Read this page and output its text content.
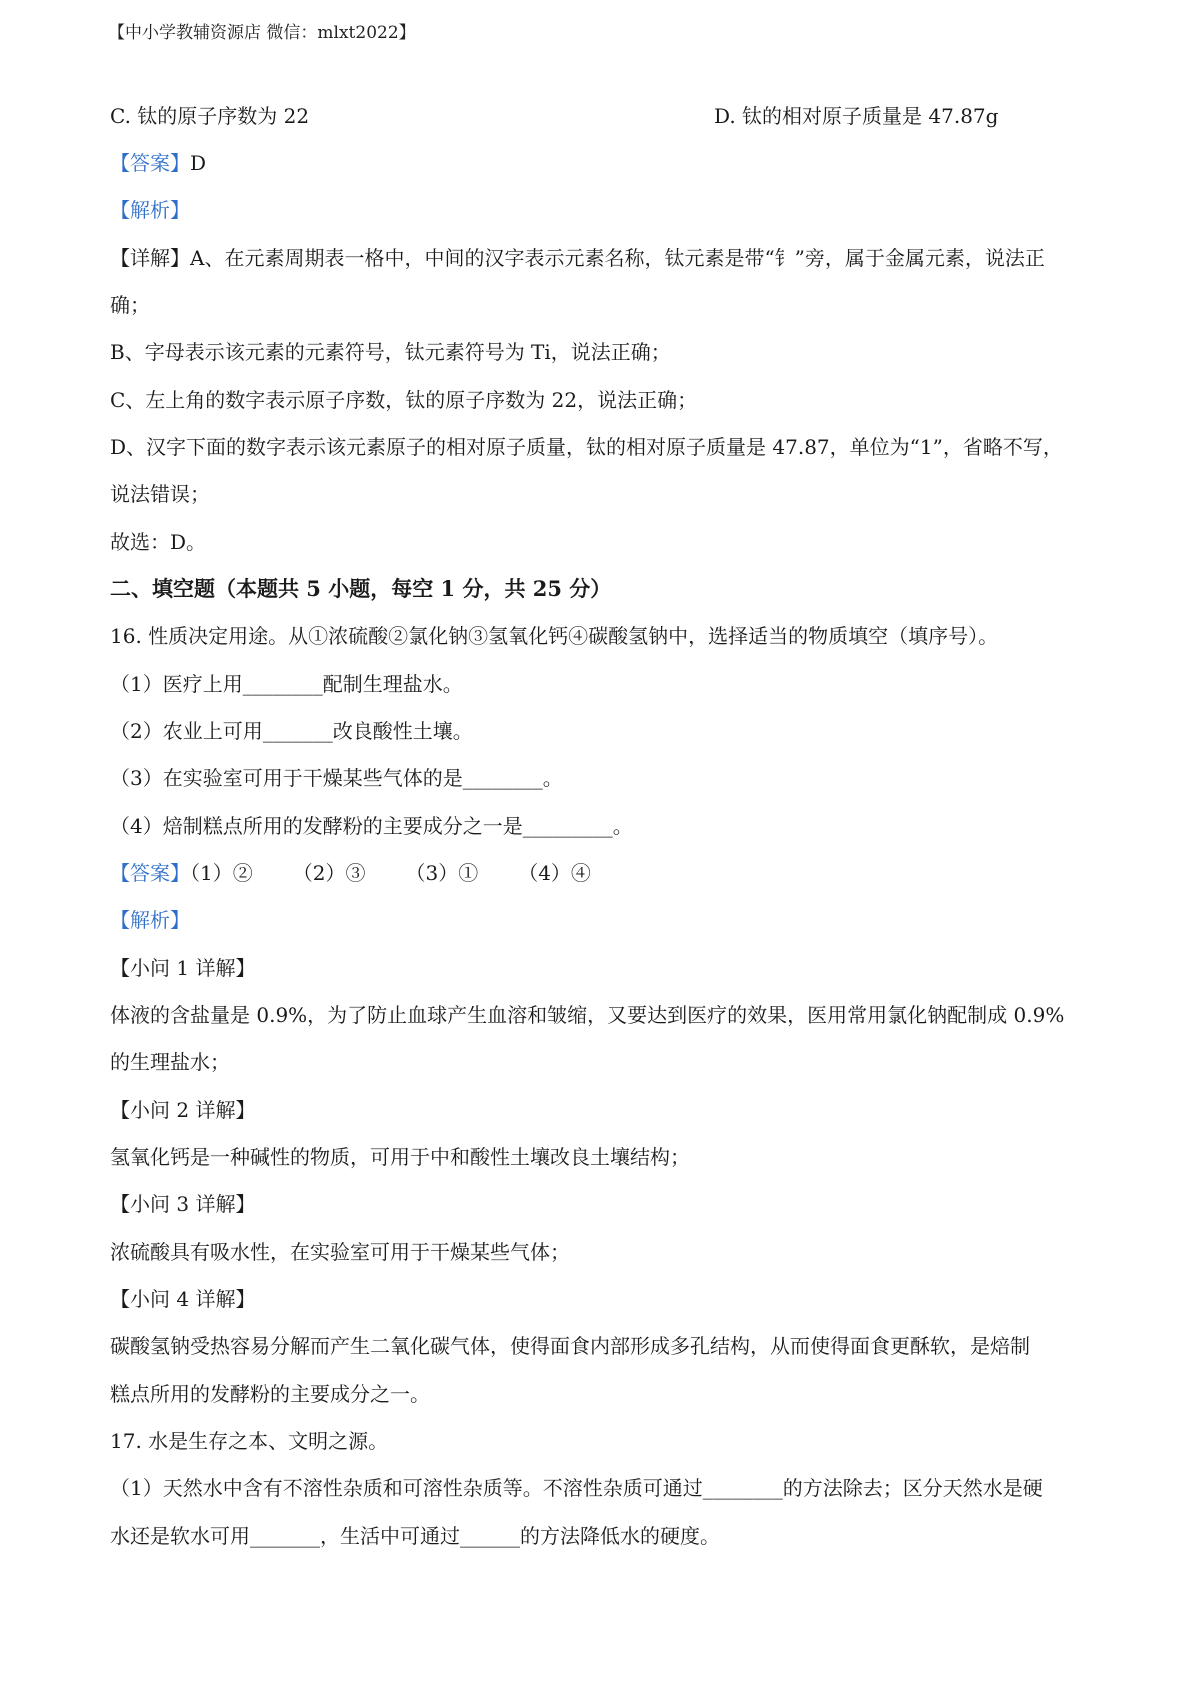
【中小学教辅资源店 微信：mlxt2022】
C. 钛的原子序数为 22	D. 钛的相对原子质量是 47.87g
【答案】D
【解析】
【详解】A、在元素周期表一格中，中间的汉字表示元素名称，钛元素是带“钅”旁，属于金属元素，说法正
确；
B、字母表示该元素的元素符号，钛元素符号为 Ti，说法正确；
C、左上角的数字表示原子序数，钛的原子序数为 22，说法正确；
D、汉字下面的数字表示该元素原子的相对原子质量，钛的相对原子质量是 47.87，单位为“1”，省略不写，
说法错误；
故选：D。
二、填空题（本题共 5 小题，每空 1 分，共 25 分）
16. 性质决定用途。从①浓硫酸②氯化钠③氢氧化钙④碳酸氢钠中，选择适当的物质填空（填序号）。
（1）医疗上用________配制生理盐水。
（2）农业上可用_______改良酸性土壤。
（3）在实验室可用于干燥某些气体的是________。
（4）焙制糕点所用的发酵粉的主要成分之一是_________。
【答案】（1）② （2）③ （3）① （4）④
【解析】
【小问 1 详解】
体液的含盐量是 0.9%，为了防止血球产生血溶和皱缩，又要达到医疗的效果，医用常用氯化钠配制成 0.9%
的生理盐水；
【小问 2 详解】
氢氧化钙是一种碱性的物质，可用于中和酸性土壤改良土壤结构；
【小问 3 详解】
浓硫酸具有吸水性，在实验室可用于干燥某些气体；
【小问 4 详解】
碳酸氢钠受热容易分解而产生二氧化碳气体，使得面食内部形成多孔结构，从而使得面食更酥软，是焙制
糕点所用的发酵粉的主要成分之一。
17. 水是生存之本、文明之源。
（1）天然水中含有不溶性杂质和可溶性杂质等。不溶性杂质可通过________的方法除去；区分天然水是硬
水还是软水可用_______，生活中可通过______的方法降低水的硬度。
